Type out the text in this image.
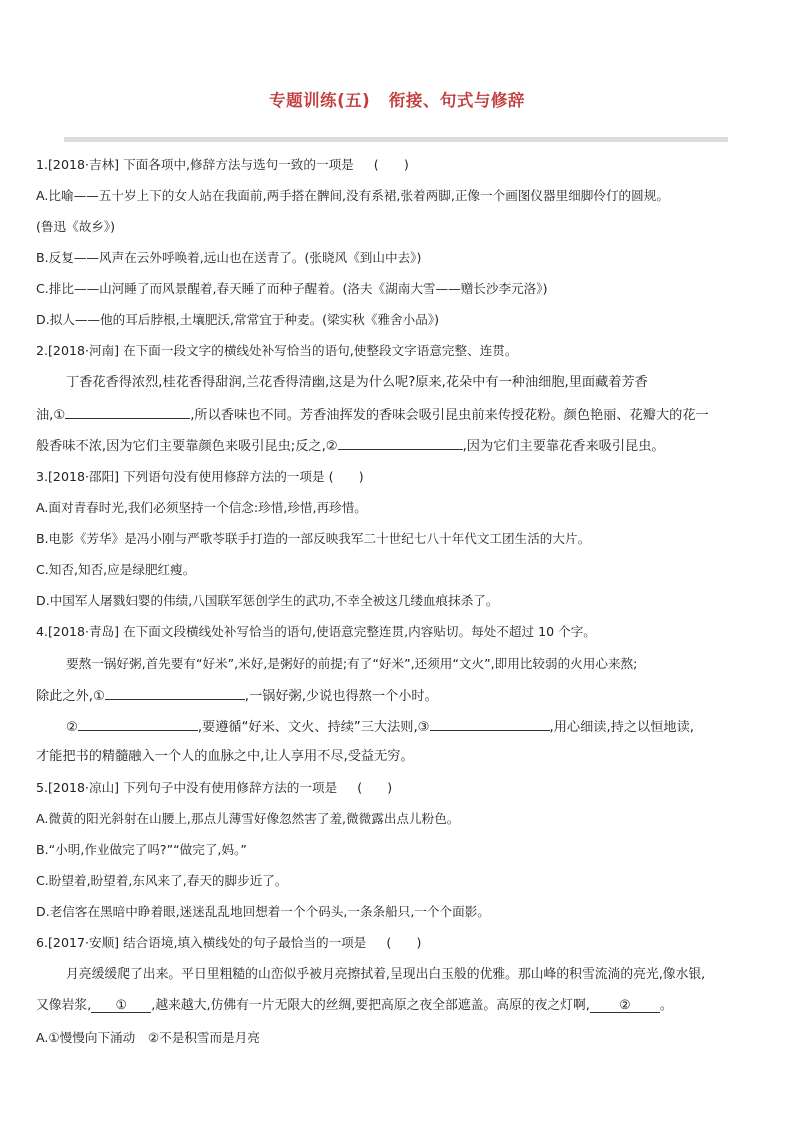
专题训练(五)   衔接、句式与修辞
1.[2018·吉林] 下面各项中,修辞方法与选句一致的一项是 (　　)
A.比喻——五十岁上下的女人站在我面前,两手搭在髀间,没有系裙,张着两脚,正像一个画图仪器里细脚伶仃的圆规。
(鲁迅《故乡》)
B.反复——风声在云外呼唤着,远山也在送青了。(张晓风《到山中去》)
C.排比——山河睡了而风景醒着,春天睡了而种子醒着。(洛夫《湖南大雪——赠长沙李元洛》)
D.拟人——他的耳后脖根,土壤肥沃,常常宜于种麦。(梁实秋《雅舍小品》)
2.[2018·河南] 在下面一段文字的横线处补写恰当的语句,使整段文字语意完整、连贯。
丁香花香得浓烈,桂花香得甜润,兰花香得清幽,这是为什么呢?原来,花朵中有一种油细胞,里面藏着芳香
油,①	,所以香味也不同。芳香油挥发的香味会吸引昆虫前来传授花粉。颜色艳丽、花瓣大的花一
般香味不浓,因为它们主要靠颜色来吸引昆虫;反之,②	,因为它们主要靠花香来吸引昆虫。
3.[2018·邵阳] 下列语句没有使用修辞方法的一项是 (　　)
A.面对青春时光,我们必须坚持一个信念:珍惜,珍惜,再珍惜。
B.电影《芳华》是冯小刚与严歌苓联手打造的一部反映我军二十世纪七八十年代文工团生活的大片。
C.知否,知否,应是绿肥红瘦。
D.中国军人屠戮妇婴的伟绩,八国联军惩创学生的武功,不幸全被这几缕血痕抹杀了。
4.[2018·青岛] 在下面文段横线处补写恰当的语句,使语意完整连贯,内容贴切。每处不超过 10 个字。
要熬一锅好粥,首先要有“好米”,米好,是粥好的前提;有了“好米”,还须用“文火”,即用比较弱的火用心来熬;
除此之外,①	,一锅好粥,少说也得熬一个小时。
②	,要遵循“好米、文火、持续”三大法则,③	,用心细读,持之以恒地读,
才能把书的精髓融入一个人的血脉之中,让人享用不尽,受益无穷。
5.[2018·凉山] 下列句子中没有使用修辞方法的一项是 (　　)
A.微黄的阳光斜射在山腰上,那点儿薄雪好像忽然害了羞,微微露出点儿粉色。
B.“小明,作业做完了吗?”“做完了,妈。”
C.盼望着,盼望着,东风来了,春天的脚步近了。
D.老信客在黑暗中睁着眼,迷迷乱乱地回想着一个个码头,一条条船只,一个个面影。
6.[2017·安顺] 结合语境,填入横线处的句子最恰当的一项是 (　　)
月亮缓缓爬了出来。平日里粗糙的山峦似乎被月亮擦拭着,呈现出白玉般的优雅。那山峰的积雪流淌的亮光,像水银,
又像岩浆, ① ,越来越大,仿佛有一片无限大的丝绸,要把高原之夜全部遮盖。高原的夜之灯啊, ② 。
A.①慢慢向下涌动　②不是积雪而是月亮
